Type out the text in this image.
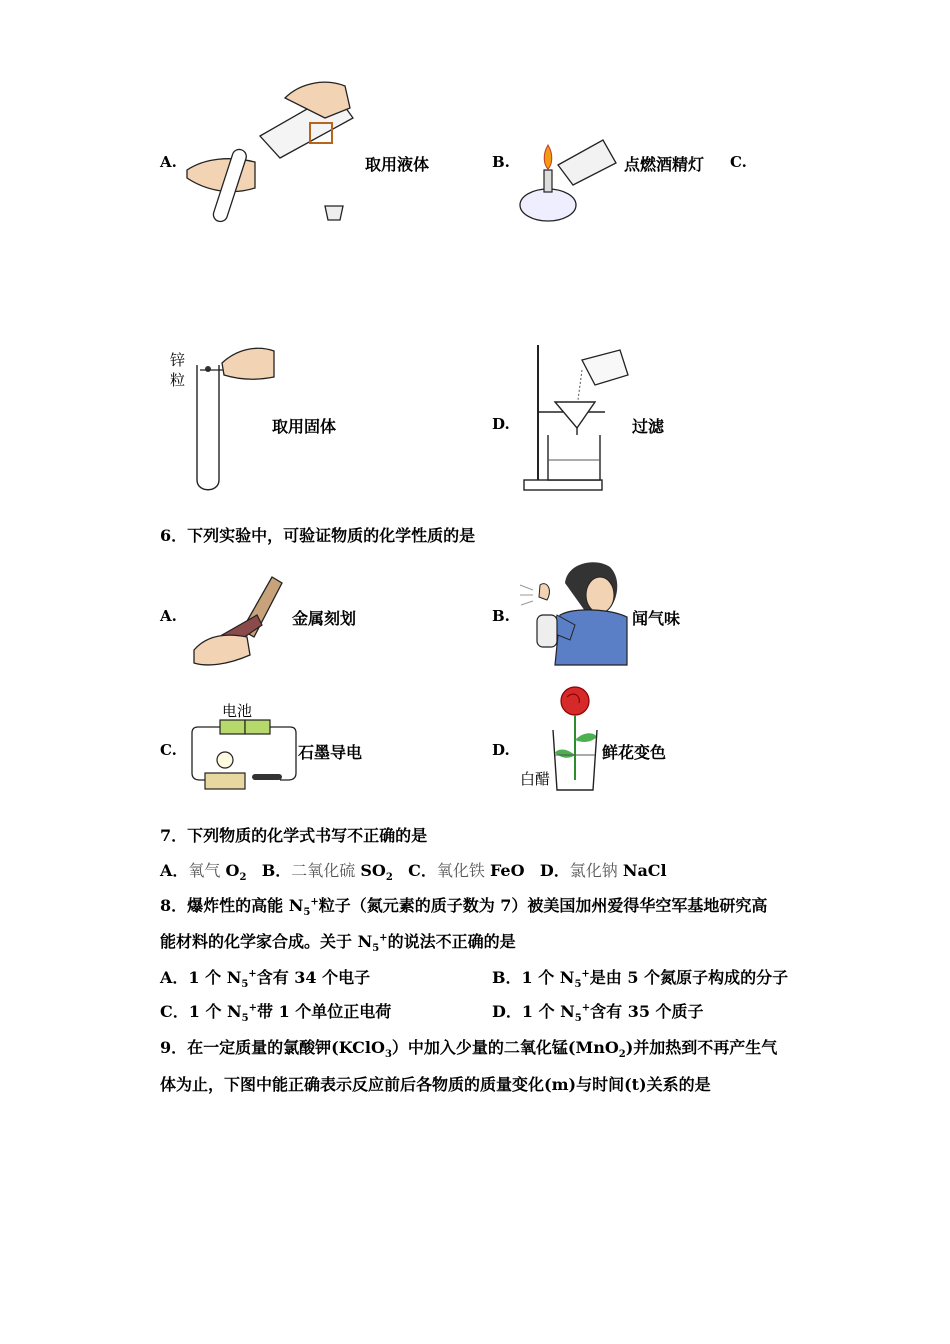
A.	取用液体	B.	点燃酒精灯 C.
锌粒
取用固体	D.	过滤
6．下列实验中，可验证物质的化学性质的是
A.	金属刻划	B.	闻气味
C.
电池
石墨导电	D.
白醋
鲜花变色
7．下列物质的化学式书写不正确的是
A．氧气 $O_2$ B．二氧化硫 $SO_2$ C．氧化铁 FeO D．氯化钠 NaCl
8．爆炸性的高能 $N_5^+$粒子（氮元素的质子数为 7）被美国加州爱得华空军基地研究高
能材料的化学家合成。关于 $N_5^+$的说法不正确的是
A．1 个 $N_5^+$含有 34 个电子	B．1 个 $N_5^+$是由 5 个氮原子构成的分子
C．1 个 $N_5^+$带 1 个单位正电荷	D．1 个 $N_5^+$含有 35 个质子
9．在一定质量的氯酸钾(KClO$_3$）中加入少量的二氧化锰(MnO$_2$)并加热到不再产生气
体为止，下图中能正确表示反应前后各物质的质量变化(m)与时间(t)关系的是
